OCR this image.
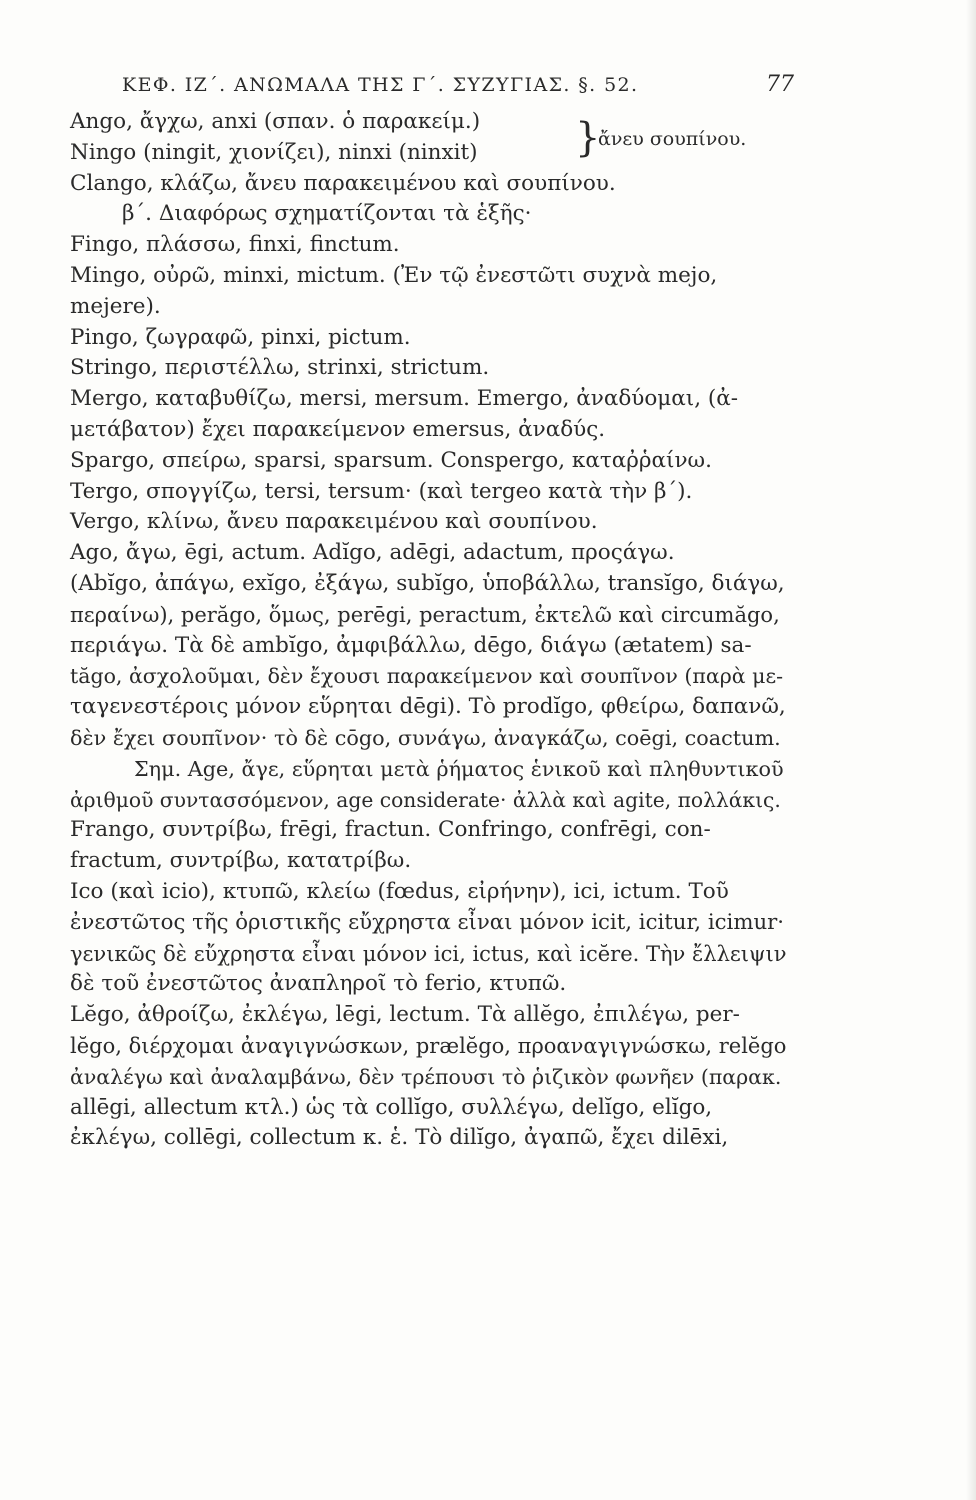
ΚΕΦ. ΙΖ΄. ΑΝΩΜΑΛΑ ΤΗΣ Γ΄. ΣΥΖΥΓΙΑΣ. §. 52.	77
Ango, ἄγχω, anxi (σπαν. ὁ παρακείμ.)
Ningo (ningit, χιονίζει), ninxi (ninxit)	}
ἄνευ σουπίνου.
Clango, κλάζω, ἄνευ παρακειμένου καὶ σουπίνου.
β΄. Διαφόρως σχηματίζονται τὰ ἑξῆς·
Fingo, πλάσσω, finxi, finctum.
Mingo, οὐρῶ, minxi, mictum. (Ἐν τῷ ἐνεστῶτι συχνὰ mejo,
mejere).
Pingo, ζωγραφῶ, pinxi, pictum.
Stringo, περιστέλλω, strinxi, strictum.
Mergo, καταβυθίζω, mersi, mersum. Emergo, ἀναδύομαι, (ἀ-
μετάβατον) ἔχει παρακείμενον emersus, ἀναδύς.
Spargo, σπείρω, sparsi, sparsum. Conspergo, καταῤῥαίνω.
Tergo, σπογγίζω, tersi, tersum· (καὶ tergeo κατὰ τὴν β΄).
Vergo, κλίνω, ἄνευ παρακειμένου καὶ σουπίνου.
Ago, ἄγω, ēgi, actum. Adĭgo, adēgi, adactum, προςάγω.
(Abĭgo, ἀπάγω, exĭgo, ἐξάγω, subĭgo, ὑποβάλλω, transĭgo, διάγω,
περαίνω), perăgo, ὅμως, perēgi, peractum, ἐκτελῶ καὶ circumăgo,
περιάγω. Τὰ δὲ ambĭgo, ἀμφιβάλλω, dēgo, διάγω (ætatem) sa-
tăgo, ἀσχολοῦμαι, δὲν ἔχουσι παρακείμενον καὶ σουπῖνον (παρὰ με-
ταγενεστέροις μόνον εὕρηται dēgi). Τὸ prodĭgo, φθείρω, δαπανῶ,
δὲν ἔχει σουπῖνον· τὸ δὲ cōgo, συνάγω, ἀναγκάζω, coēgi, coactum.
Σημ. Age, ἄγε, εὕρηται μετὰ ῥήματος ἑνικοῦ καὶ πληθυντικοῦ
ἀριθμοῦ συντασσόμενον, age considerate· ἀλλὰ καὶ agite, πολλάκις.
Frango, συντρίβω, frēgi, fractun. Confringo, confrēgi, con-
fractum, συντρίβω, κατατρίβω.
Ico (καὶ icio), κτυπῶ, κλείω (fœdus, εἰρήνην), ici, ictum. Τοῦ
ἐνεστῶτος τῆς ὁριστικῆς εὔχρηστα εἶναι μόνον icit, icitur, icimur·
γενικῶς δὲ εὔχρηστα εἶναι μόνον ici, ictus, καὶ icĕre. Τὴν ἔλλειψιν
δὲ τοῦ ἐνεστῶτος ἀναπληροῖ τὸ ferio, κτυπῶ.
Lĕgo, ἀθροίζω, ἐκλέγω, lēgi, lectum. Τὰ allĕgo, ἐπιλέγω, per-
lĕgo, διέρχομαι ἀναγιγνώσκων, prælĕgo, προαναγιγνώσκω, relĕgo
ἀναλέγω καὶ ἀναλαμβάνω, δὲν τρέπουσι τὸ ῥιζικὸν φωνῆεν (παρακ.
allēgi, allectum κτλ.) ὡς τὰ collĭgo, συλλέγω, delĭgo, elĭgo,
ἐκλέγω, collēgi, collectum κ. ἑ. Τὸ dilĭgo, ἀγαπῶ, ἔχει dilēxi,
